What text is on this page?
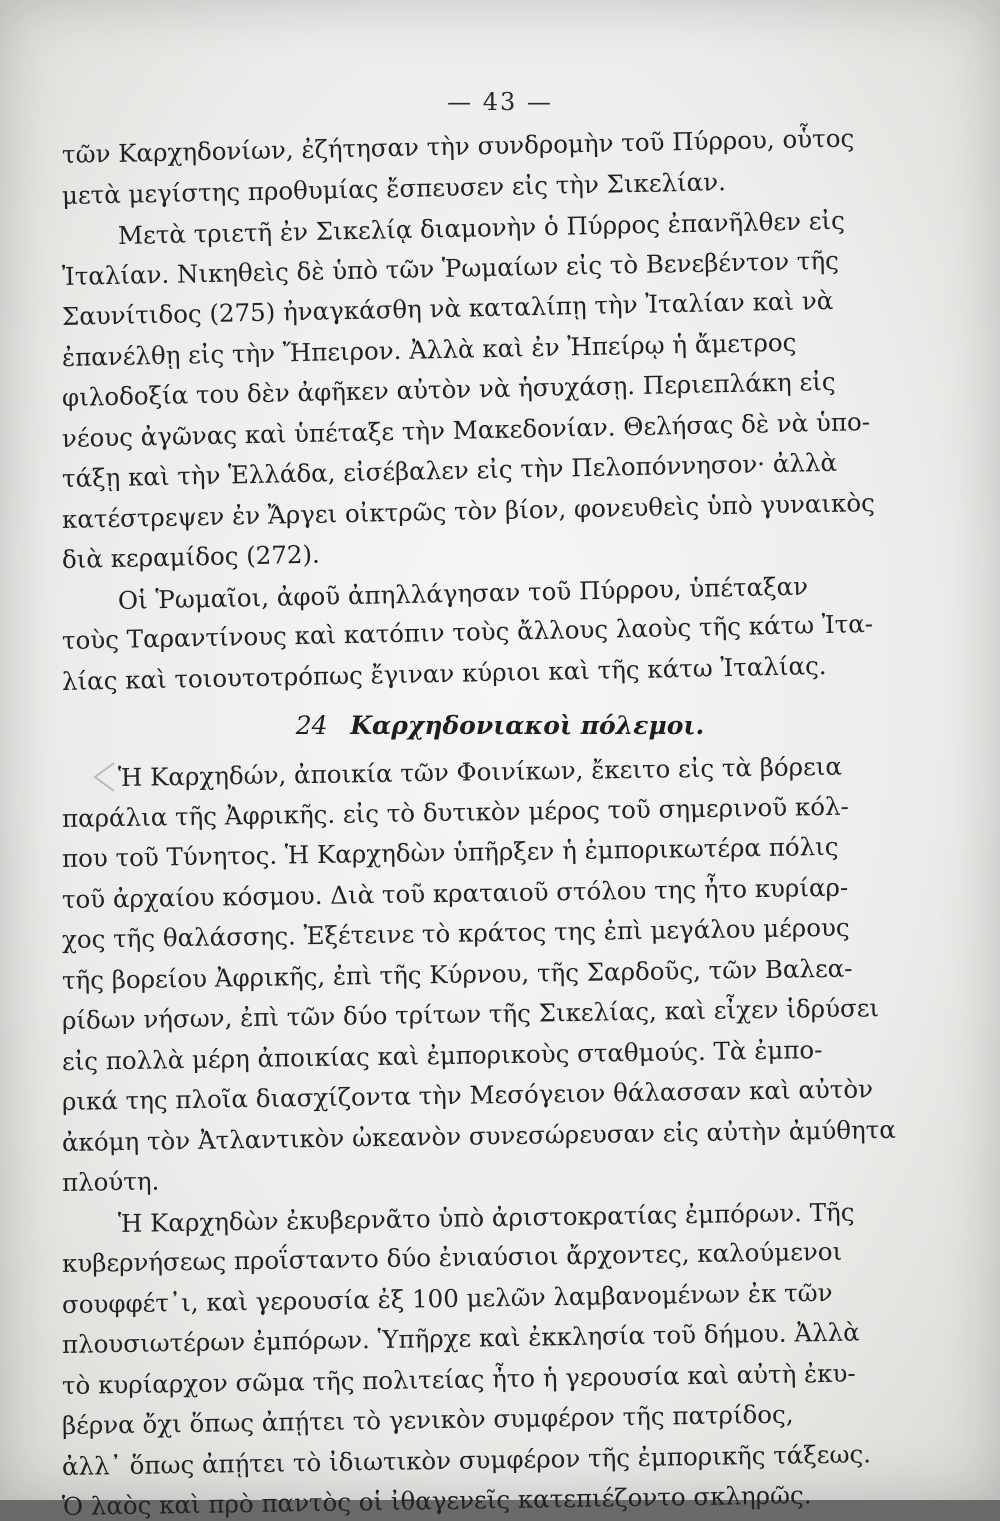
— 43 —
24 Καρχηδονιακοὶ πόλεμοι.
τῶν Καρχηδονίων, ἐζήτησαν τὴν συνδρομὴν τοῦ Πύρρου, οὗτος
μετὰ μεγίστης προθυμίας ἔσπευσεν εἰς τὴν Σικελίαν.
Μετὰ τριετῆ ἐν Σικελίᾳ διαμονὴν ὁ Πύρρος ἐπανῆλθεν εἰς
Ἰταλίαν. Νικηθεὶς δὲ ὑπὸ τῶν Ῥωμαίων εἰς τὸ Βενεβέντον τῆς
Σαυνίτιδος (275) ἠναγκάσθη νὰ καταλίπῃ τὴν Ἰταλίαν καὶ νὰ
ἐπανέλθῃ εἰς τὴν Ἤπειρον. Ἀλλὰ καὶ ἐν Ἠπείρῳ ἡ ἄμετρος
φιλοδοξία του δὲν ἀφῆκεν αὐτὸν νὰ ἡσυχάσῃ. Περιεπλάκη εἰς
νέους ἀγῶνας καὶ ὑπέταξε τὴν Μακεδονίαν. Θελήσας δὲ νὰ ὑπο-
τάξῃ καὶ τὴν Ἑλλάδα, εἰσέβαλεν εἰς τὴν Πελοπόννησον· ἀλλὰ
κατέστρεψεν ἐν Ἄργει οἰκτρῶς τὸν βίον, φονευθεὶς ὑπὸ γυναικὸς
διὰ κεραμίδος (272).
Οἱ Ῥωμαῖοι, ἀφοῦ ἀπηλλάγησαν τοῦ Πύρρου, ὑπέταξαν
τοὺς Ταραντίνους καὶ κατόπιν τοὺς ἄλλους λαοὺς τῆς κάτω Ἰτα-
λίας καὶ τοιουτοτρόπως ἔγιναν κύριοι καὶ τῆς κάτω Ἰταλίας.
Ἡ Καρχηδών, ἀποικία τῶν Φοινίκων, ἔκειτο εἰς τὰ βόρεια
παράλια τῆς Ἀφρικῆς. εἰς τὸ δυτικὸν μέρος τοῦ σημερινοῦ κόλ-
που τοῦ Τύνητος. Ἡ Καρχηδὼν ὑπῆρξεν ἡ ἐμπορικωτέρα πόλις
τοῦ ἀρχαίου κόσμου. Διὰ τοῦ κραταιοῦ στόλου της ἦτο κυρίαρ-
χος τῆς θαλάσσης. Ἐξέτεινε τὸ κράτος της ἐπὶ μεγάλου μέρους
τῆς βορείου Ἀφρικῆς, ἐπὶ τῆς Κύρνου, τῆς Σαρδοῦς, τῶν Βαλεα-
ρίδων νήσων, ἐπὶ τῶν δύο τρίτων τῆς Σικελίας, καὶ εἶχεν ἱδρύσει
εἰς πολλὰ μέρη ἀποικίας καὶ ἐμπορικοὺς σταθμούς. Τὰ ἐμπο-
ρικά της πλοῖα διασχίζοντα τὴν Μεσόγειον θάλασσαν καὶ αὐτὸν
ἀκόμη τὸν Ἀτλαντικὸν ὠκεανὸν συνεσώρευσαν εἰς αὐτὴν ἀμύθητα
πλούτη.
Ἡ Καρχηδὼν ἐκυβερνᾶτο ὑπὸ ἀριστοκρατίας ἐμπόρων. Τῆς
κυβερνήσεως προΐσταντο δύο ἐνιαύσιοι ἄρχοντες, καλούμενοι
σουφφέτ᾽ι, καὶ γερουσία ἐξ 100 μελῶν λαμβανομένων ἐκ τῶν
πλουσιωτέρων ἐμπόρων. Ὑπῆρχε καὶ ἐκκλησία τοῦ δήμου. Ἀλλὰ
τὸ κυρίαρχον σῶμα τῆς πολιτείας ἦτο ἡ γερουσία καὶ αὐτὴ ἐκυ-
βέρνα ὄχι ὅπως ἀπῄτει τὸ γενικὸν συμφέρον τῆς πατρίδος,
ἀλλ᾽ ὅπως ἀπῄτει τὸ ἰδιωτικὸν συμφέρον τῆς ἐμπορικῆς τάξεως.
Ὁ λαὸς καὶ πρὸ παντὸς οἱ ἰθαγενεῖς κατεπιέζοντο σκληρῶς.
